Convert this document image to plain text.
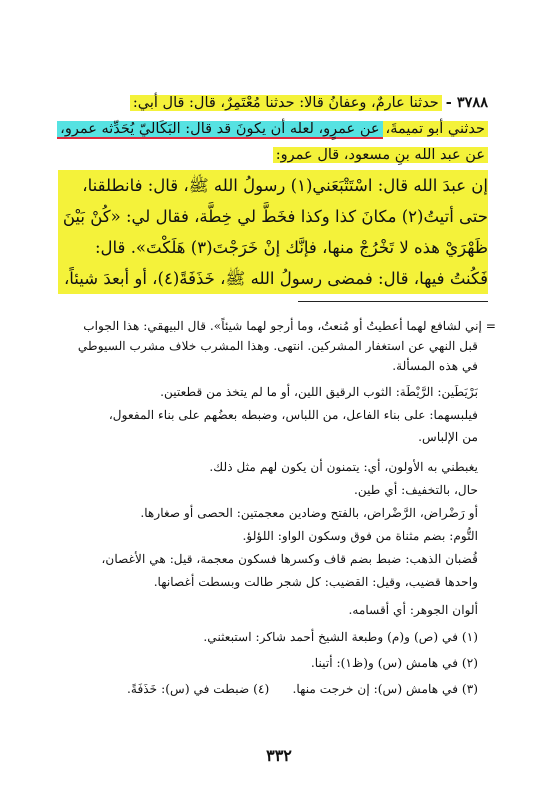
٣٧٨٨ -حدثنا عارمٌ، وعفانُ قالا: حدثنا مُعْتَمِرٌ، قال: قال أبي:
حدثني أبو تميمةَ،عن عمرٍو، لعله أن يكونَ قد قال: البَكَاليّ يُحَدِّثه عمرو،
عن عبد الله بنِ مسعود، قال عمرو:
إن عبدَ الله قال: اسْتَتْبَعَني(١) رسولُ الله ﷺ، قال: فانطلقنا،
حتى أتيتُ(٢) مكانَ كذا وكذا فخَطَّ لي خِطَّة، فقال لي: «كُنْ بَيْنَ
ظَهْرَيْ هذه لا تَخْرُجْ منها، فإنَّك إنْ خَرَجْتَ(٣) هَلَكْتَ». قال:
فَكُنتُ فيها، قال: فمضى رسولُ الله ﷺ، خَذَفَةً(٤)، أو أبعدَ شيئاً،
= إني لشافع لهما أعطيتُ أو مُنعتُ، وما أرجو لهما شيئاً». قال البيهقي: هذا الجواب
قبل النهي عن استغفار المشركين. انتهى. وهذا المشرب خلاف مشرب السيوطي
في هذه المسألة.
بَرْيَطَين: الرَّيْطَة: الثوب الرقيق اللين، أو ما لم يتخذ من قطعتين.
فيلبسهما: على بناء الفاعل، من اللباس، وضبطه بعضُهم على بناء المفعول،
من الإلباس.
يغبطني به الأولون، أي: يتمنون أن يكون لهم مثل ذلك.
حال، بالتخفيف: أي طين.
أو رَضْراض، الرَّضْراض، بالفتح وضادين معجمتين: الحصى أو صغارها.
التُّوم: بضم مثناة من فوق وسكون الواو: اللؤلؤ.
قُضبان الذهب: ضبط بضم قاف وكسرها فسكون معجمة، قيل: هي الأغصان،
واحدها قضيب، وقيل: القضيب: كل شجر طالت وبسطت أغصانها.
ألوان الجوهر: أي أقسامه.
(١) في (ص) و(م) وطبعة الشيخ أحمد شاكر: استبعثني.
(٢) في هامش (س) و(ظ١): أتينا.
(٣) في هامش (س): إن خرجت منها.      (٤) ضبطت في (س): خَذَفَةً.
٣٣٢
